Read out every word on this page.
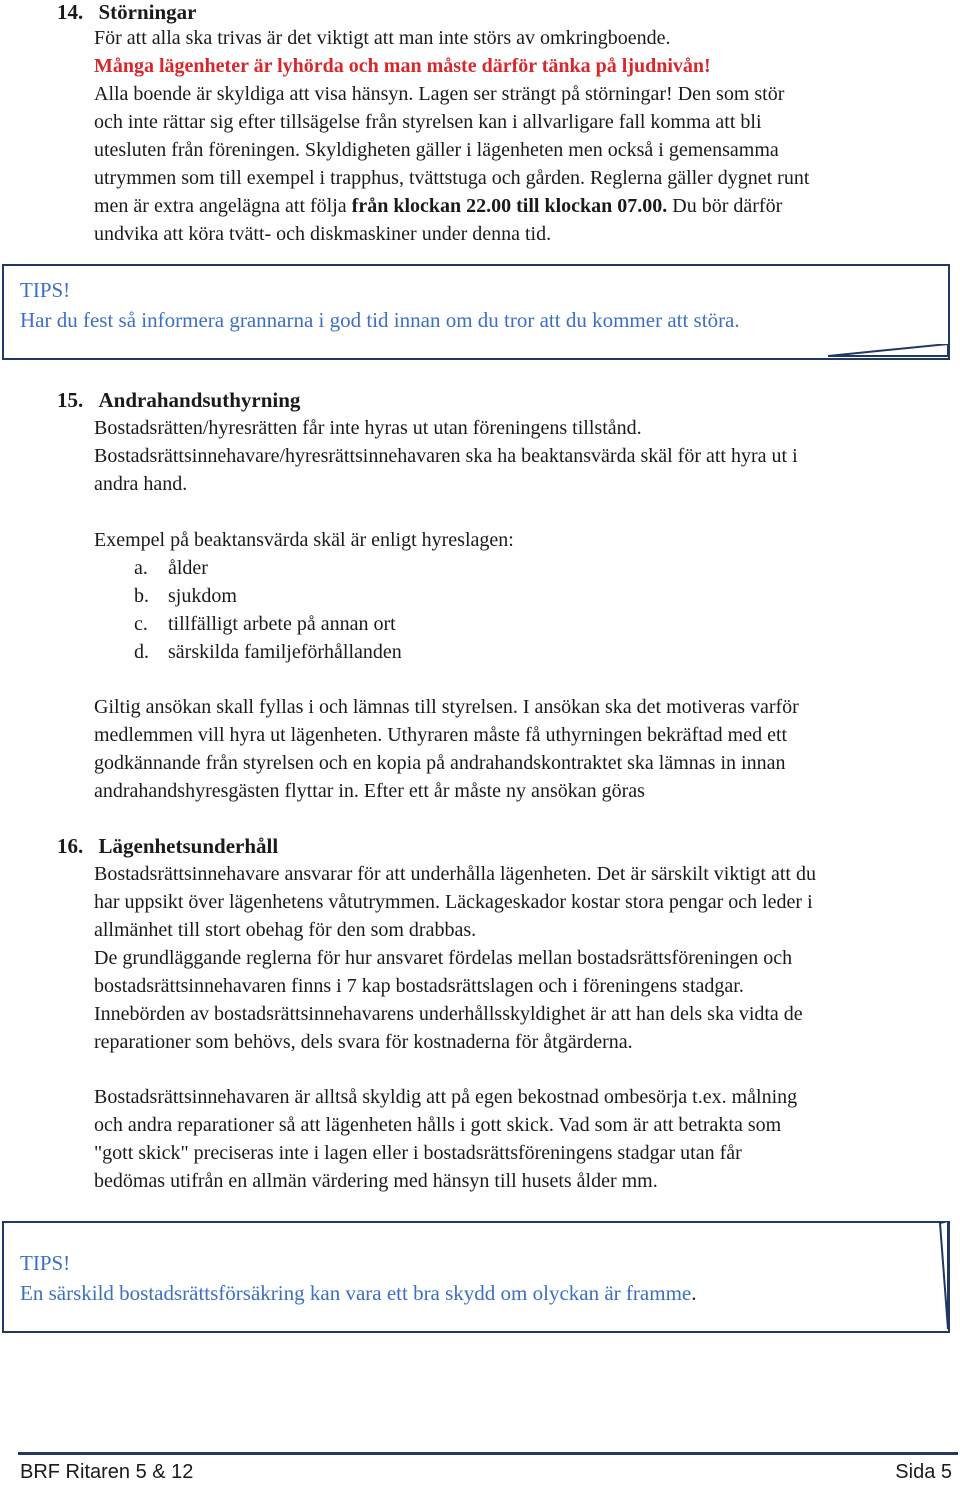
14. Störningar
För att alla ska trivas är det viktigt att man inte störs av omkringboende.
Många lägenheter är lyhörda och man måste därför tänka på ljudnivån!
Alla boende är skyldiga att visa hänsyn. Lagen ser strängt på störningar! Den som stör
och inte rättar sig efter tillsägelse från styrelsen kan i allvarligare fall komma att bli
utesluten från föreningen. Skyldigheten gäller i lägenheten men också i gemensamma
utrymmen som till exempel i trapphus, tvättstuga och gården. Reglerna gäller dygnet runt
men är extra angelägna att följa från klockan 22.00 till klockan 07.00. Du bör därför
undvika att köra tvätt- och diskmaskiner under denna tid.
TIPS!
Har du fest så informera grannarna i god tid innan om du tror att du kommer att störa.
15. Andrahandsuthyrning
Bostadsrätten/hyresrätten får inte hyras ut utan föreningens tillstånd.
Bostadsrättsinnehavare/hyresrättsinnehavaren ska ha beaktansvärda skäl för att hyra ut i
andra hand.
Exempel på beaktansvärda skäl är enligt hyreslagen:
a. ålder
b. sjukdom
c. tillfälligt arbete på annan ort
d. särskilda familjeförhållanden
Giltig ansökan skall fyllas i och lämnas till styrelsen. I ansökan ska det motiveras varför
medlemmen vill hyra ut lägenheten. Uthyraren måste få uthyrningen bekräftad med ett
godkännande från styrelsen och en kopia på andrahandskontraktet ska lämnas in innan
andrahandshyresgästen flyttar in. Efter ett år måste ny ansökan göras
16. Lägenhetsunderhåll
Bostadsrättsinnehavare ansvarar för att underhålla lägenheten. Det är särskilt viktigt att du
har uppsikt över lägenhetens våtutrymmen. Läckageskador kostar stora pengar och leder i
allmänhet till stort obehag för den som drabbas.
De grundläggande reglerna för hur ansvaret fördelas mellan bostadsrättsföreningen och
bostadsrättsinnehavaren finns i 7 kap bostadsrättslagen och i föreningens stadgar.
Innebörden av bostadsrättsinnehavarens underhållsskyldighet är att han dels ska vidta de
reparationer som behövs, dels svara för kostnaderna för åtgärderna.
Bostadsrättsinnehavaren är alltså skyldig att på egen bekostnad ombesörja t.ex. målning
och andra reparationer så att lägenheten hålls i gott skick. Vad som är att betrakta som
"gott skick" preciseras inte i lagen eller i bostadsrättsföreningens stadgar utan får
bedömas utifrån en allmän värdering med hänsyn till husets ålder mm.
TIPS!
En särskild bostadsrättsförsäkring kan vara ett bra skydd om olyckan är framme.
BRF Ritaren 5 & 12	Sida 5
